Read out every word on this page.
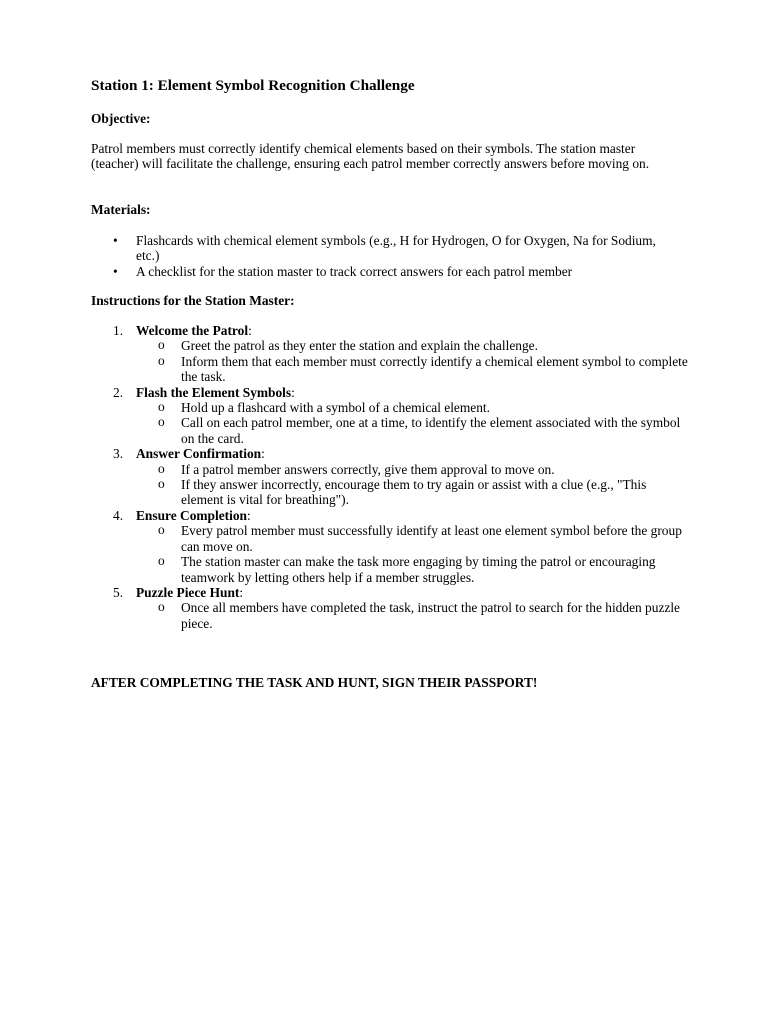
Station 1: Element Symbol Recognition Challenge

Objective:

Patrol members must correctly identify chemical elements based on their symbols. The station master (teacher) will facilitate the challenge, ensuring each patrol member correctly answers before moving on.

Materials:

• Flashcards with chemical element symbols (e.g., H for Hydrogen, O for Oxygen, Na for Sodium, etc.)
• A checklist for the station master to track correct answers for each patrol member

Instructions for the Station Master:

1. Welcome the Patrol:
o Greet the patrol as they enter the station and explain the challenge.
o Inform them that each member must correctly identify a chemical element symbol to complete the task.
2. Flash the Element Symbols:
o Hold up a flashcard with a symbol of a chemical element.
o Call on each patrol member, one at a time, to identify the element associated with the symbol on the card.
3. Answer Confirmation:
o If a patrol member answers correctly, give them approval to move on.
o If they answer incorrectly, encourage them to try again or assist with a clue (e.g., "This element is vital for breathing").
4. Ensure Completion:
o Every patrol member must successfully identify at least one element symbol before the group can move on.
o The station master can make the task more engaging by timing the patrol or encouraging teamwork by letting others help if a member struggles.
5. Puzzle Piece Hunt:
o Once all members have completed the task, instruct the patrol to search for the hidden puzzle piece.

AFTER COMPLETING THE TASK AND HUNT, SIGN THEIR PASSPORT!
